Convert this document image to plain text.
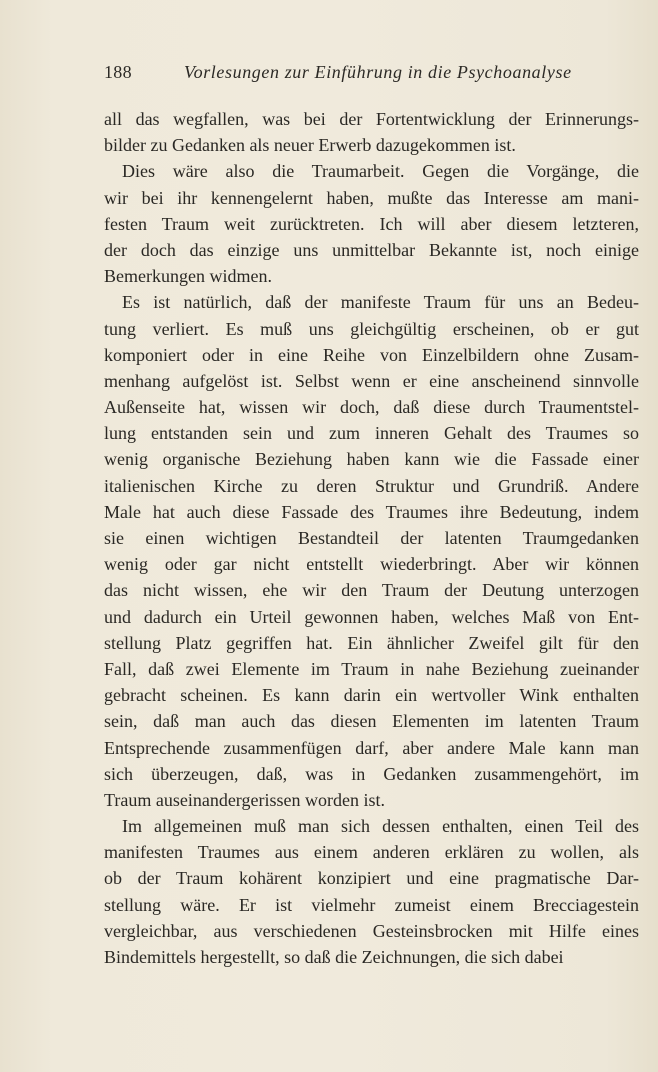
188	Vorlesungen zur Einführung in die Psychoanalyse
all das wegfallen, was bei der Fortentwicklung der Erinnerungs-
bilder zu Gedanken als neuer Erwerb dazugekommen ist.
Dies wäre also die Traumarbeit. Gegen die Vorgänge, die
wir bei ihr kennengelernt haben, mußte das Interesse am mani-
festen Traum weit zurücktreten. Ich will aber diesem letzteren,
der doch das einzige uns unmittelbar Bekannte ist, noch einige
Bemerkungen widmen.
Es ist natürlich, daß der manifeste Traum für uns an Bedeu-
tung verliert. Es muß uns gleichgültig erscheinen, ob er gut
komponiert oder in eine Reihe von Einzelbildern ohne Zusam-
menhang aufgelöst ist. Selbst wenn er eine anscheinend sinnvolle
Außenseite hat, wissen wir doch, daß diese durch Traumentstel-
lung entstanden sein und zum inneren Gehalt des Traumes so
wenig organische Beziehung haben kann wie die Fassade einer
italienischen Kirche zu deren Struktur und Grundriß. Andere
Male hat auch diese Fassade des Traumes ihre Bedeutung, indem
sie einen wichtigen Bestandteil der latenten Traumgedanken
wenig oder gar nicht entstellt wiederbringt. Aber wir können
das nicht wissen, ehe wir den Traum der Deutung unterzogen
und dadurch ein Urteil gewonnen haben, welches Maß von Ent-
stellung Platz gegriffen hat. Ein ähnlicher Zweifel gilt für den
Fall, daß zwei Elemente im Traum in nahe Beziehung zueinander
gebracht scheinen. Es kann darin ein wertvoller Wink enthalten
sein, daß man auch das diesen Elementen im latenten Traum
Entsprechende zusammenfügen darf, aber andere Male kann man
sich überzeugen, daß, was in Gedanken zusammengehört, im
Traum auseinandergerissen worden ist.
Im allgemeinen muß man sich dessen enthalten, einen Teil des
manifesten Traumes aus einem anderen erklären zu wollen, als
ob der Traum kohärent konzipiert und eine pragmatische Dar-
stellung wäre. Er ist vielmehr zumeist einem Brecciagestein
vergleichbar, aus verschiedenen Gesteinsbrocken mit Hilfe eines
Bindemittels hergestellt, so daß die Zeichnungen, die sich dabei
